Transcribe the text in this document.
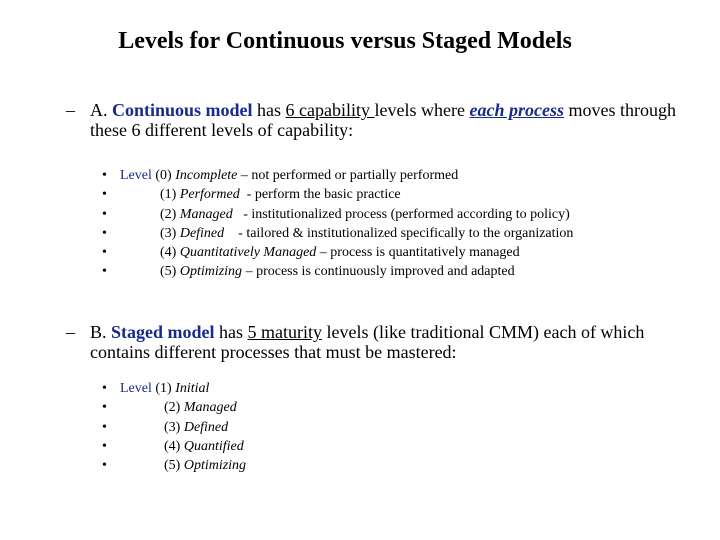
Levels for Continuous versus Staged Models
– A. Continuous model has 6 capability levels where each process moves through these 6 different levels of capability:
• Level (0) Incomplete – not performed or partially performed
•	(1) Performed  - perform the basic practice
•	(2) Managed   - institutionalized process (performed according to policy)
•	(3) Defined    - tailored & institutionalized specifically to the organization
•	(4) Quantitatively Managed – process is quantitatively managed
•	(5) Optimizing – process is continuously improved and adapted
– B. Staged model has 5 maturity levels (like traditional CMM) each of which contains different processes that must be mastered:
• Level (1) Initial
•	(2) Managed
•	(3) Defined
•	(4) Quantified
•	(5) Optimizing
